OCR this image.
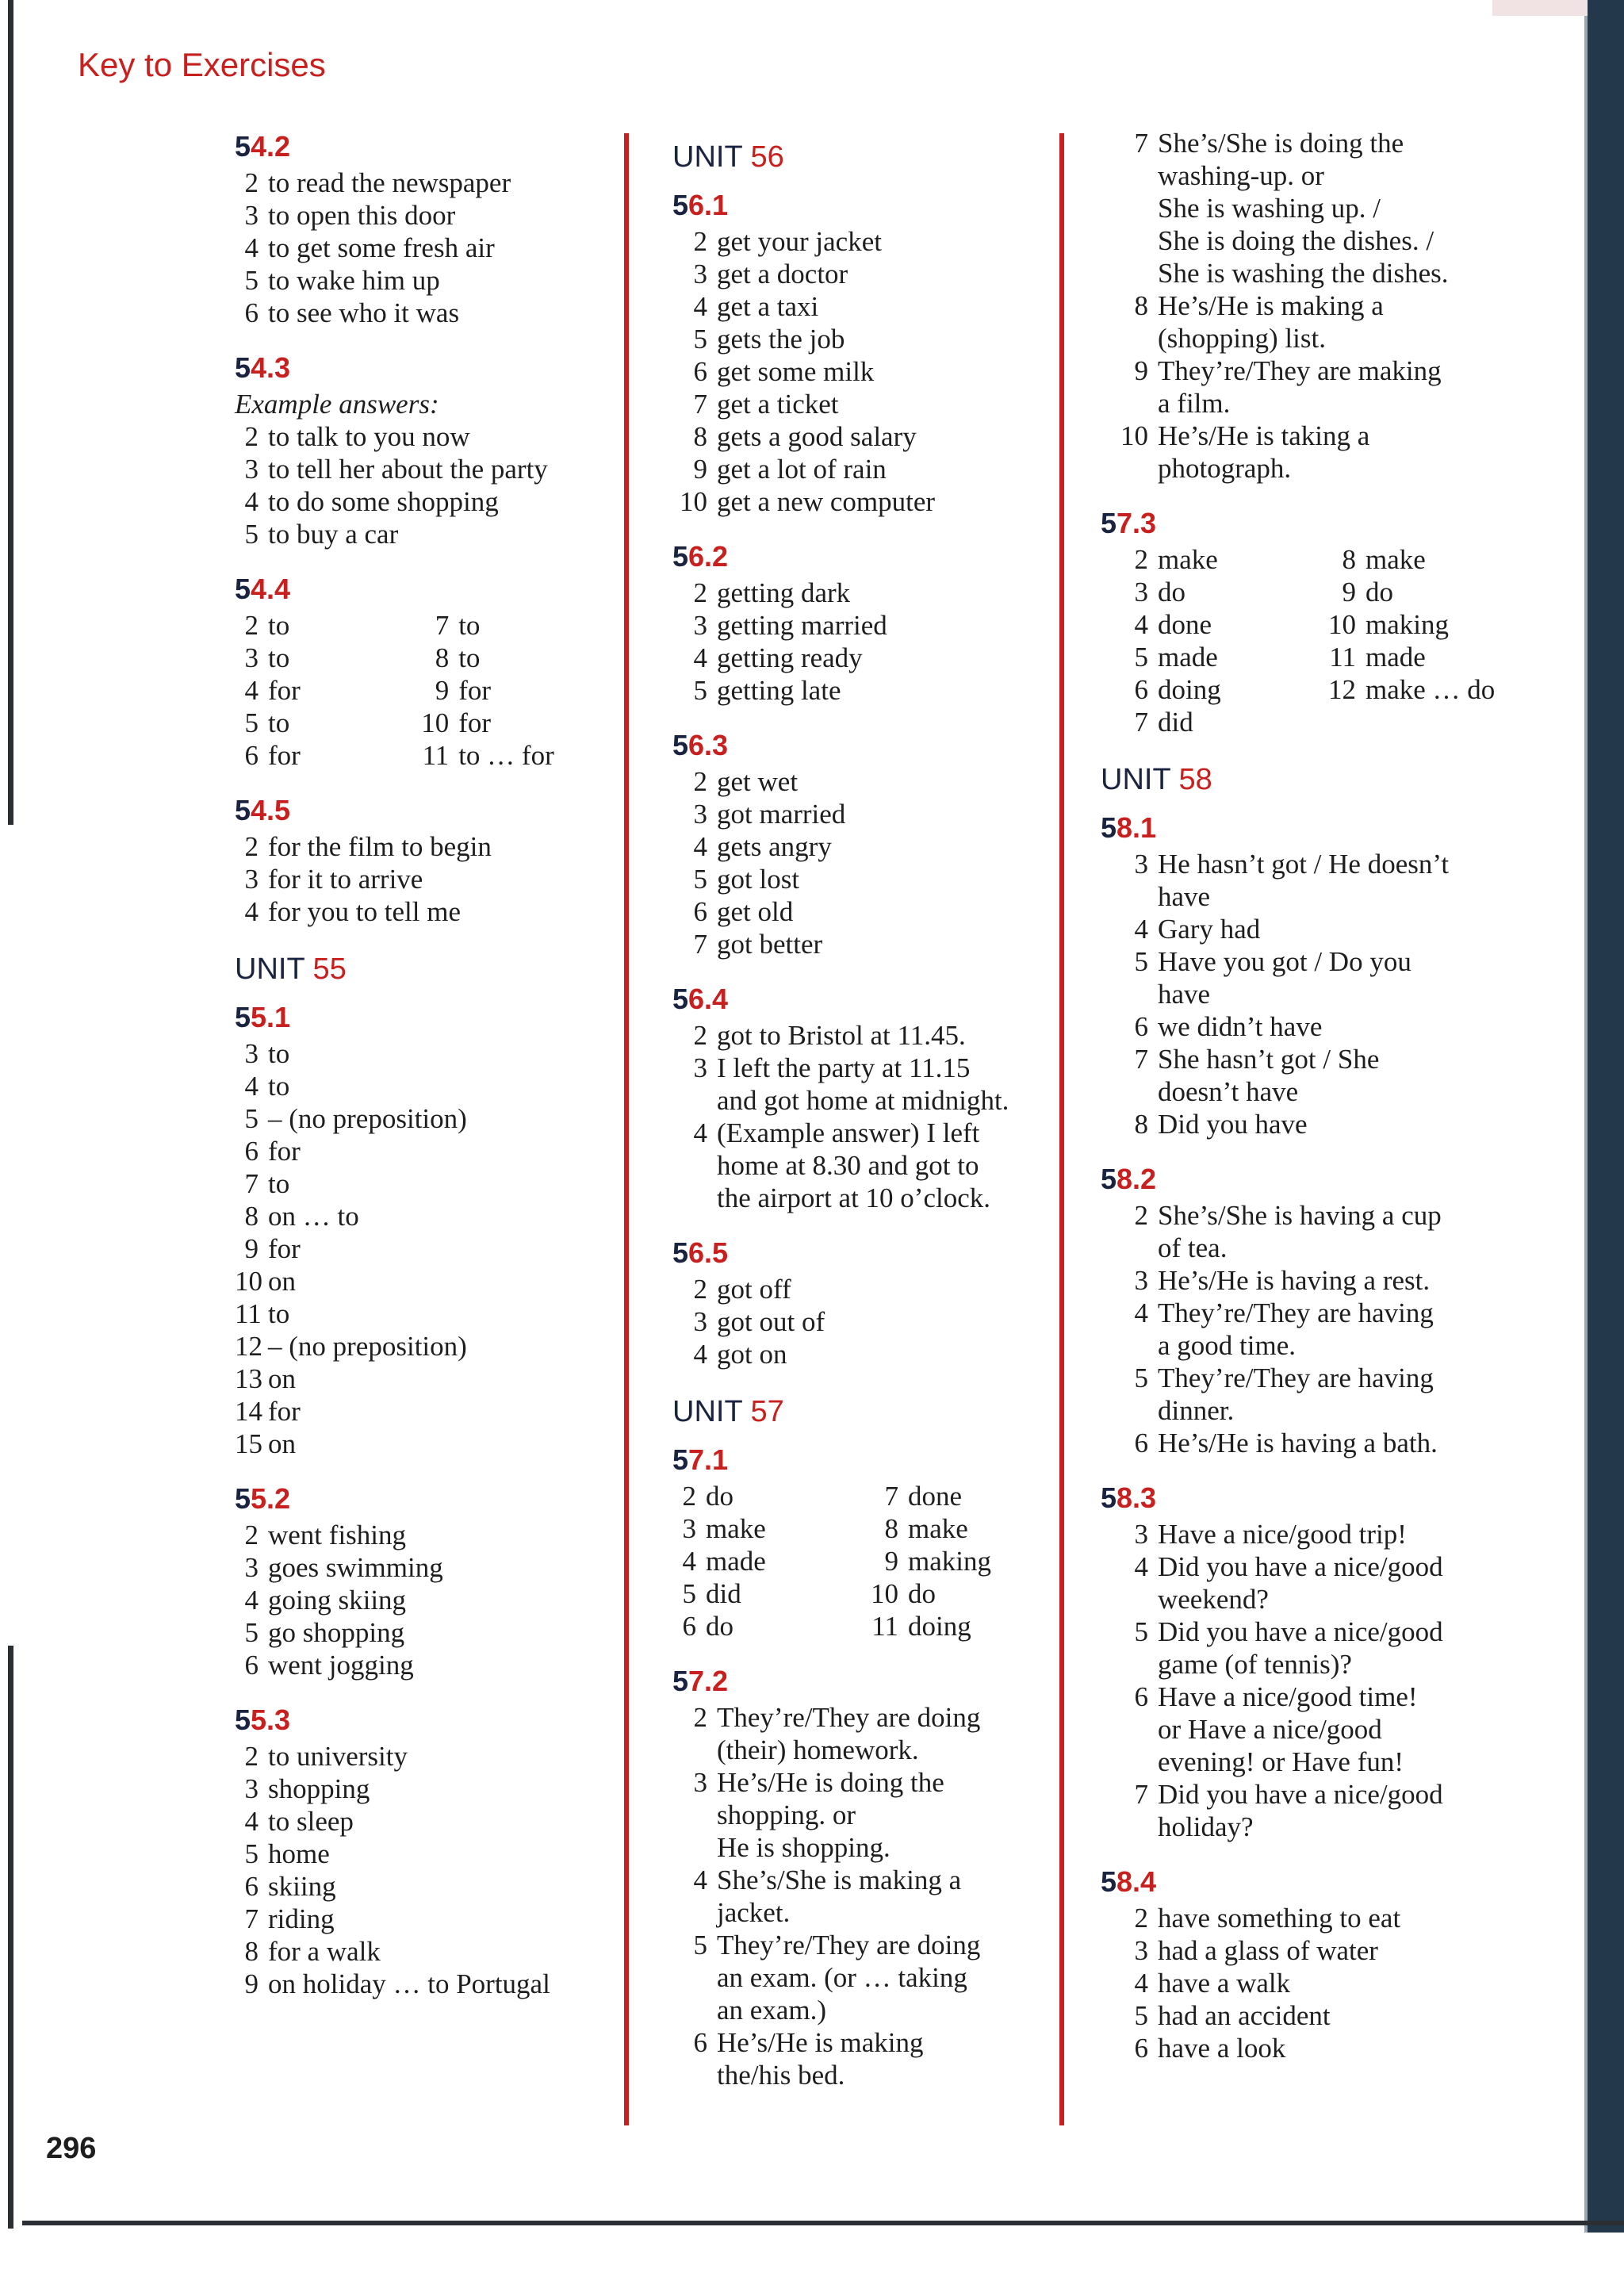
Key to Exercises
54.2
2 to read the newspaper
3 to open this door
4 to get some fresh air
5 to wake him up
6 to see who it was
54.3
Example answers:
2 to talk to you now
3 to tell her about the party
4 to do some shopping
5 to buy a car
54.4
2 to
3 to
4 for
5 to
6 for
7 to
8 to
9 for
10 for
11 to … for
54.5
2 for the film to begin
3 for it to arrive
4 for you to tell me
UNIT 55
55.1
3 to
4 to
5 – (no preposition)
6 for
7 to
8 on … to
9 for
10 on
11 to
12 – (no preposition)
13 on
14 for
15 on
55.2
2 went fishing
3 goes swimming
4 going skiing
5 go shopping
6 went jogging
55.3
2 to university
3 shopping
4 to sleep
5 home
6 skiing
7 riding
8 for a walk
9 on holiday … to Portugal
UNIT 56
56.1
2 get your jacket
3 get a doctor
4 get a taxi
5 gets the job
6 get some milk
7 get a ticket
8 gets a good salary
9 get a lot of rain
10 get a new computer
56.2
2 getting dark
3 getting married
4 getting ready
5 getting late
56.3
2 get wet
3 got married
4 gets angry
5 got lost
6 get old
7 got better
56.4
2 got to Bristol at 11.45.
3 I left the party at 11.15
and got home at midnight.
4 (Example answer) I left
home at 8.30 and got to
the airport at 10 o’clock.
56.5
2 got off
3 got out of
4 got on
UNIT 57
57.1
2 do
3 make
4 made
5 did
6 do
7 done
8 make
9 making
10 do
11 doing
57.2
2 They’re/They are doing
(their) homework.
3 He’s/He is doing the
shopping. or
He is shopping.
4 She’s/She is making a
jacket.
5 They’re/They are doing
an exam. (or … taking
an exam.)
6 He’s/He is making
the/his bed.
7 She’s/She is doing the
washing-up. or
She is washing up. /
She is doing the dishes. /
She is washing the dishes.
8 He’s/He is making a
(shopping) list.
9 They’re/They are making
a film.
10 He’s/He is taking a
photograph.
57.3
2 make
3 do
4 done
5 made
6 doing
7 did
8 make
9 do
10 making
11 made
12 make … do
UNIT 58
58.1
3 He hasn’t got / He doesn’t
have
4 Gary had
5 Have you got / Do you
have
6 we didn’t have
7 She hasn’t got / She
doesn’t have
8 Did you have
58.2
2 She’s/She is having a cup
of tea.
3 He’s/He is having a rest.
4 They’re/They are having
a good time.
5 They’re/They are having
dinner.
6 He’s/He is having a bath.
58.3
3 Have a nice/good trip!
4 Did you have a nice/good
weekend?
5 Did you have a nice/good
game (of tennis)?
6 Have a nice/good time!
or Have a nice/good
evening! or Have fun!
7 Did you have a nice/good
holiday?
58.4
2 have something to eat
3 had a glass of water
4 have a walk
5 had an accident
6 have a look
296
